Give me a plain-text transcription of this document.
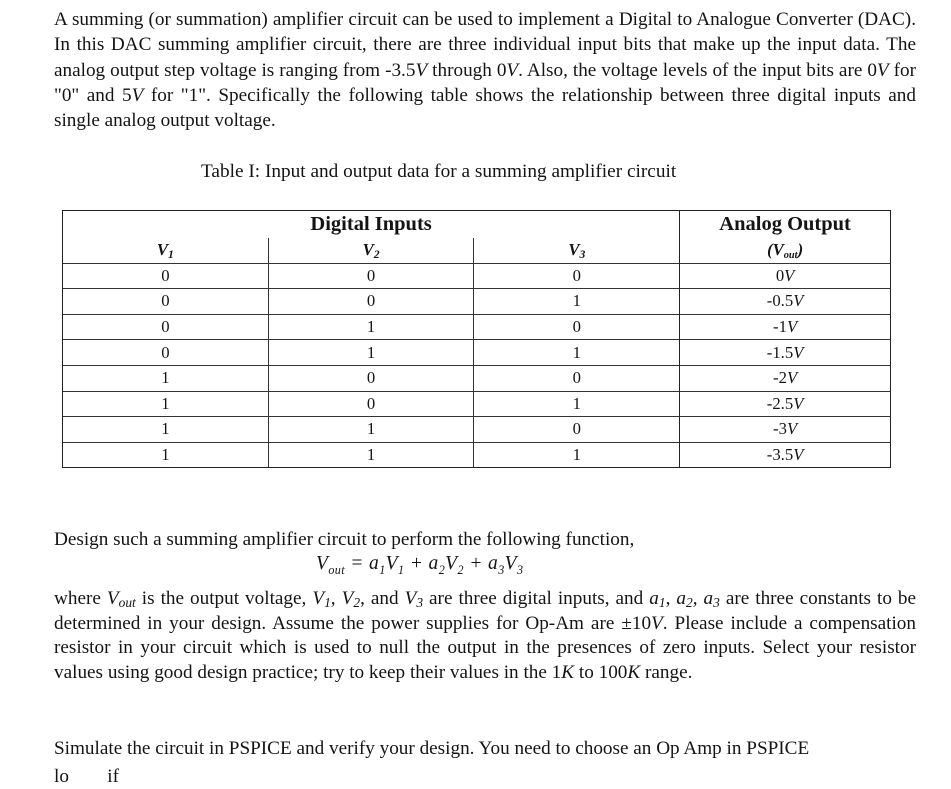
A summing (or summation) amplifier circuit can be used to implement a Digital to Analogue Converter (DAC). In this DAC summing amplifier circuit, there are three individual input bits that make up the input data. The analog output step voltage is ranging from -3.5V through 0V. Also, the voltage levels of the input bits are 0V for "0" and 5V for "1". Specifically the following table shows the relationship between three digital inputs and single analog output voltage.
Table I: Input and output data for a summing amplifier circuit
Digital Inputs			Analog Output
$V_1$	$V_2$	$V_3$	$(V_{out})$
0	0	0	0V
0	0	1	-0.5V
0	1	0	-1V
0	1	1	-1.5V
1	0	0	-2V
1	0	1	-2.5V
1	1	0	-3V
1	1	1	-3.5V
Design such a summing amplifier circuit to perform the following function,
$V_{out} = a_1V_1 + a_2V_2 + a_3V_3$
where $V_{out}$ is the output voltage, $V_1$, $V_2$, and $V_3$ are three digital inputs, and $a_1$, $a_2$, $a_3$ are three constants to be determined in your design. Assume the power supplies for Op-Am are ±10V. Please include a compensation resistor in your circuit which is used to null the output in the presences of zero inputs. Select your resistor values using good design practice; try to keep their values in the 1K to 100K range.
Simulate the circuit in PSPICE and verify your design. You need to choose an Op Amp in PSPICE
lo        if
